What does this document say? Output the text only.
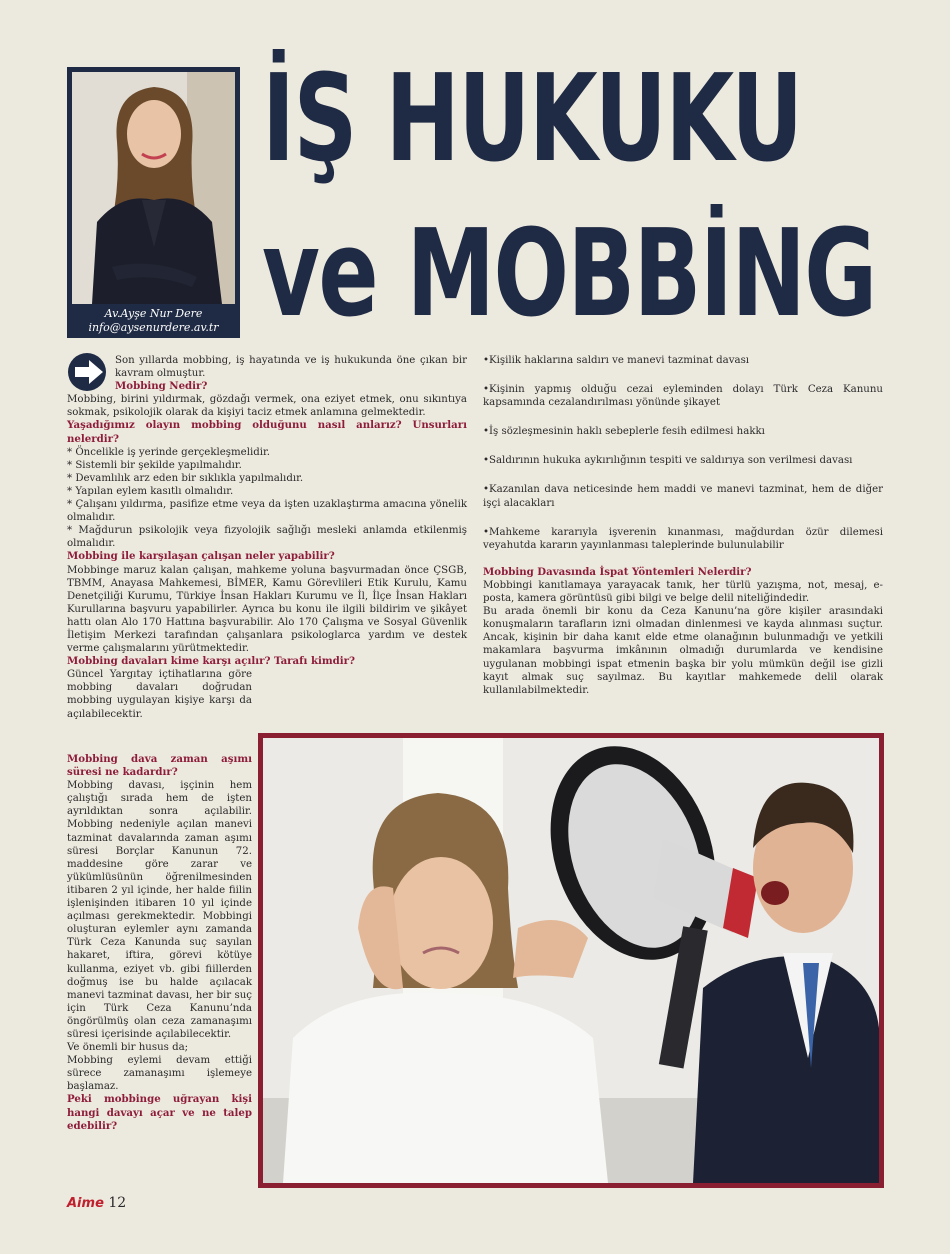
Av.Ayşe Nur Dere
info@aysenurdere.av.tr
İŞ HUKUKU
ve MOBBİNG

Son yıllarda mobbing, iş hayatında ve iş hukukunda öne çıkan bir kavram olmuştur.

Mobbing Nedir?

Mobbing, birini yıldırmak, gözdağı vermek, ona eziyet etmek, onu sıkıntıya sokmak, psikolojik olarak da kişiyi taciz etmek anlamına gelmektedir.

Yaşadığımız olayın mobbing olduğunu nasıl anlarız? Unsurları nelerdir?

* Öncelikle iş yerinde gerçekleşmelidir.

* Sistemli bir şekilde yapılmalıdır.

* Devamlılık arz eden bir sıklıkla yapılmalıdır.

* Yapılan eylem kasıtlı olmalıdır.

* Çalışanı yıldırma, pasifize etme veya da işten uzaklaştırma amacına yönelik olmalıdır.

* Mağdurun psikolojik veya fizyolojik sağlığı mesleki anlamda etkilenmiş olmalıdır.

Mobbing ile karşılaşan çalışan neler yapabilir?

Mobbinge maruz kalan çalışan, mahkeme yoluna başvurmadan önce ÇSGB, TBMM, Anayasa Mahkemesi, BİMER, Kamu Görevlileri Etik Kurulu, Kamu Denetçiliği Kurumu, Türkiye İnsan Hakları Kurumu ve İl, İlçe İnsan Hakları Kurullarına başvuru yapabilirler. Ayrıca bu konu ile ilgili bildirim ve şikâyet hattı olan Alo 170 Hattına başvurabilir. Alo 170 Çalışma ve Sosyal Güvenlik İletişim Merkezi tarafından çalışanlara psikologlarca yardım ve destek verme çalışmalarını yürütmektedir.

Mobbing davaları kime karşı açılır? Tarafı kimdir?

Güncel Yargıtay içtihatlarına göre mobbing davaları doğrudan mobbing uygulayan kişiye karşı da açılabilecektir.

Mobbing dava zaman aşımı süresi ne kadardır?

Mobbing davası, işçinin hem çalıştığı sırada hem de işten ayrıldıktan sonra açılabilir. Mobbing nedeniyle açılan manevi tazminat davalarında zaman aşımı süresi Borçlar Kanunun 72. maddesine göre zarar ve yükümlüsünün öğrenilmesinden itibaren 2 yıl içinde, her halde fiilin işlenişinden itibaren 10 yıl içinde açılması gerekmektedir. Mobbingi oluşturan eylemler aynı zamanda Türk Ceza Kanunda suç sayılan hakaret, iftira, görevi kötüye kullanma, eziyet vb. gibi fiillerden doğmuş ise bu halde açılacak manevi tazminat davası, her bir suç için Türk Ceza Kanunu’nda öngörülmüş olan ceza zamanaşımı süresi içerisinde açılabilecektir.

Ve önemli bir husus da;

Mobbing eylemi devam ettiği sürece zamanaşımı işlemeye başlamaz.

Peki mobbinge uğrayan kişi hangi davayı açar ve ne talep edebilir?

•Kişilik haklarına saldırı ve manevi tazminat davası

•Kişinin yapmış olduğu cezai eyleminden dolayı Türk Ceza Kanunu kapsamında cezalandırılması yönünde şikayet

•İş sözleşmesinin haklı sebeplerle fesih edilmesi hakkı

•Saldırının hukuka aykırılığının tespiti ve saldırıya son verilmesi davası

•Kazanılan dava neticesinde hem maddi ve manevi tazminat, hem de diğer işçi alacakları

•Mahkeme kararıyla işverenin kınanması, mağdurdan özür dilemesi veyahutda kararın yayınlanması taleplerinde bulunulabilir

Mobbing Davasında İspat Yöntemleri Nelerdir?

Mobbingi kanıtlamaya yarayacak tanık, her türlü yazışma, not, mesaj, e-posta, kamera görüntüsü gibi bilgi ve belge delil niteliğindedir.

Bu arada önemli bir konu da Ceza Kanunu’na göre kişiler arasındaki konuşmaların tarafların izni olmadan dinlenmesi ve kayda alınması suçtur. Ancak, kişinin bir daha kanıt elde etme olanağının bulunmadığı ve yetkili makamlara başvurma imkânının olmadığı durumlarda ve kendisine uygulanan mobbingi ispat etmenin başka bir yolu mümkün değil ise gizli kayıt almak suç sayılmaz. Bu kayıtlar mahkemede delil olarak kullanılabilmektedir.

Aime 12
